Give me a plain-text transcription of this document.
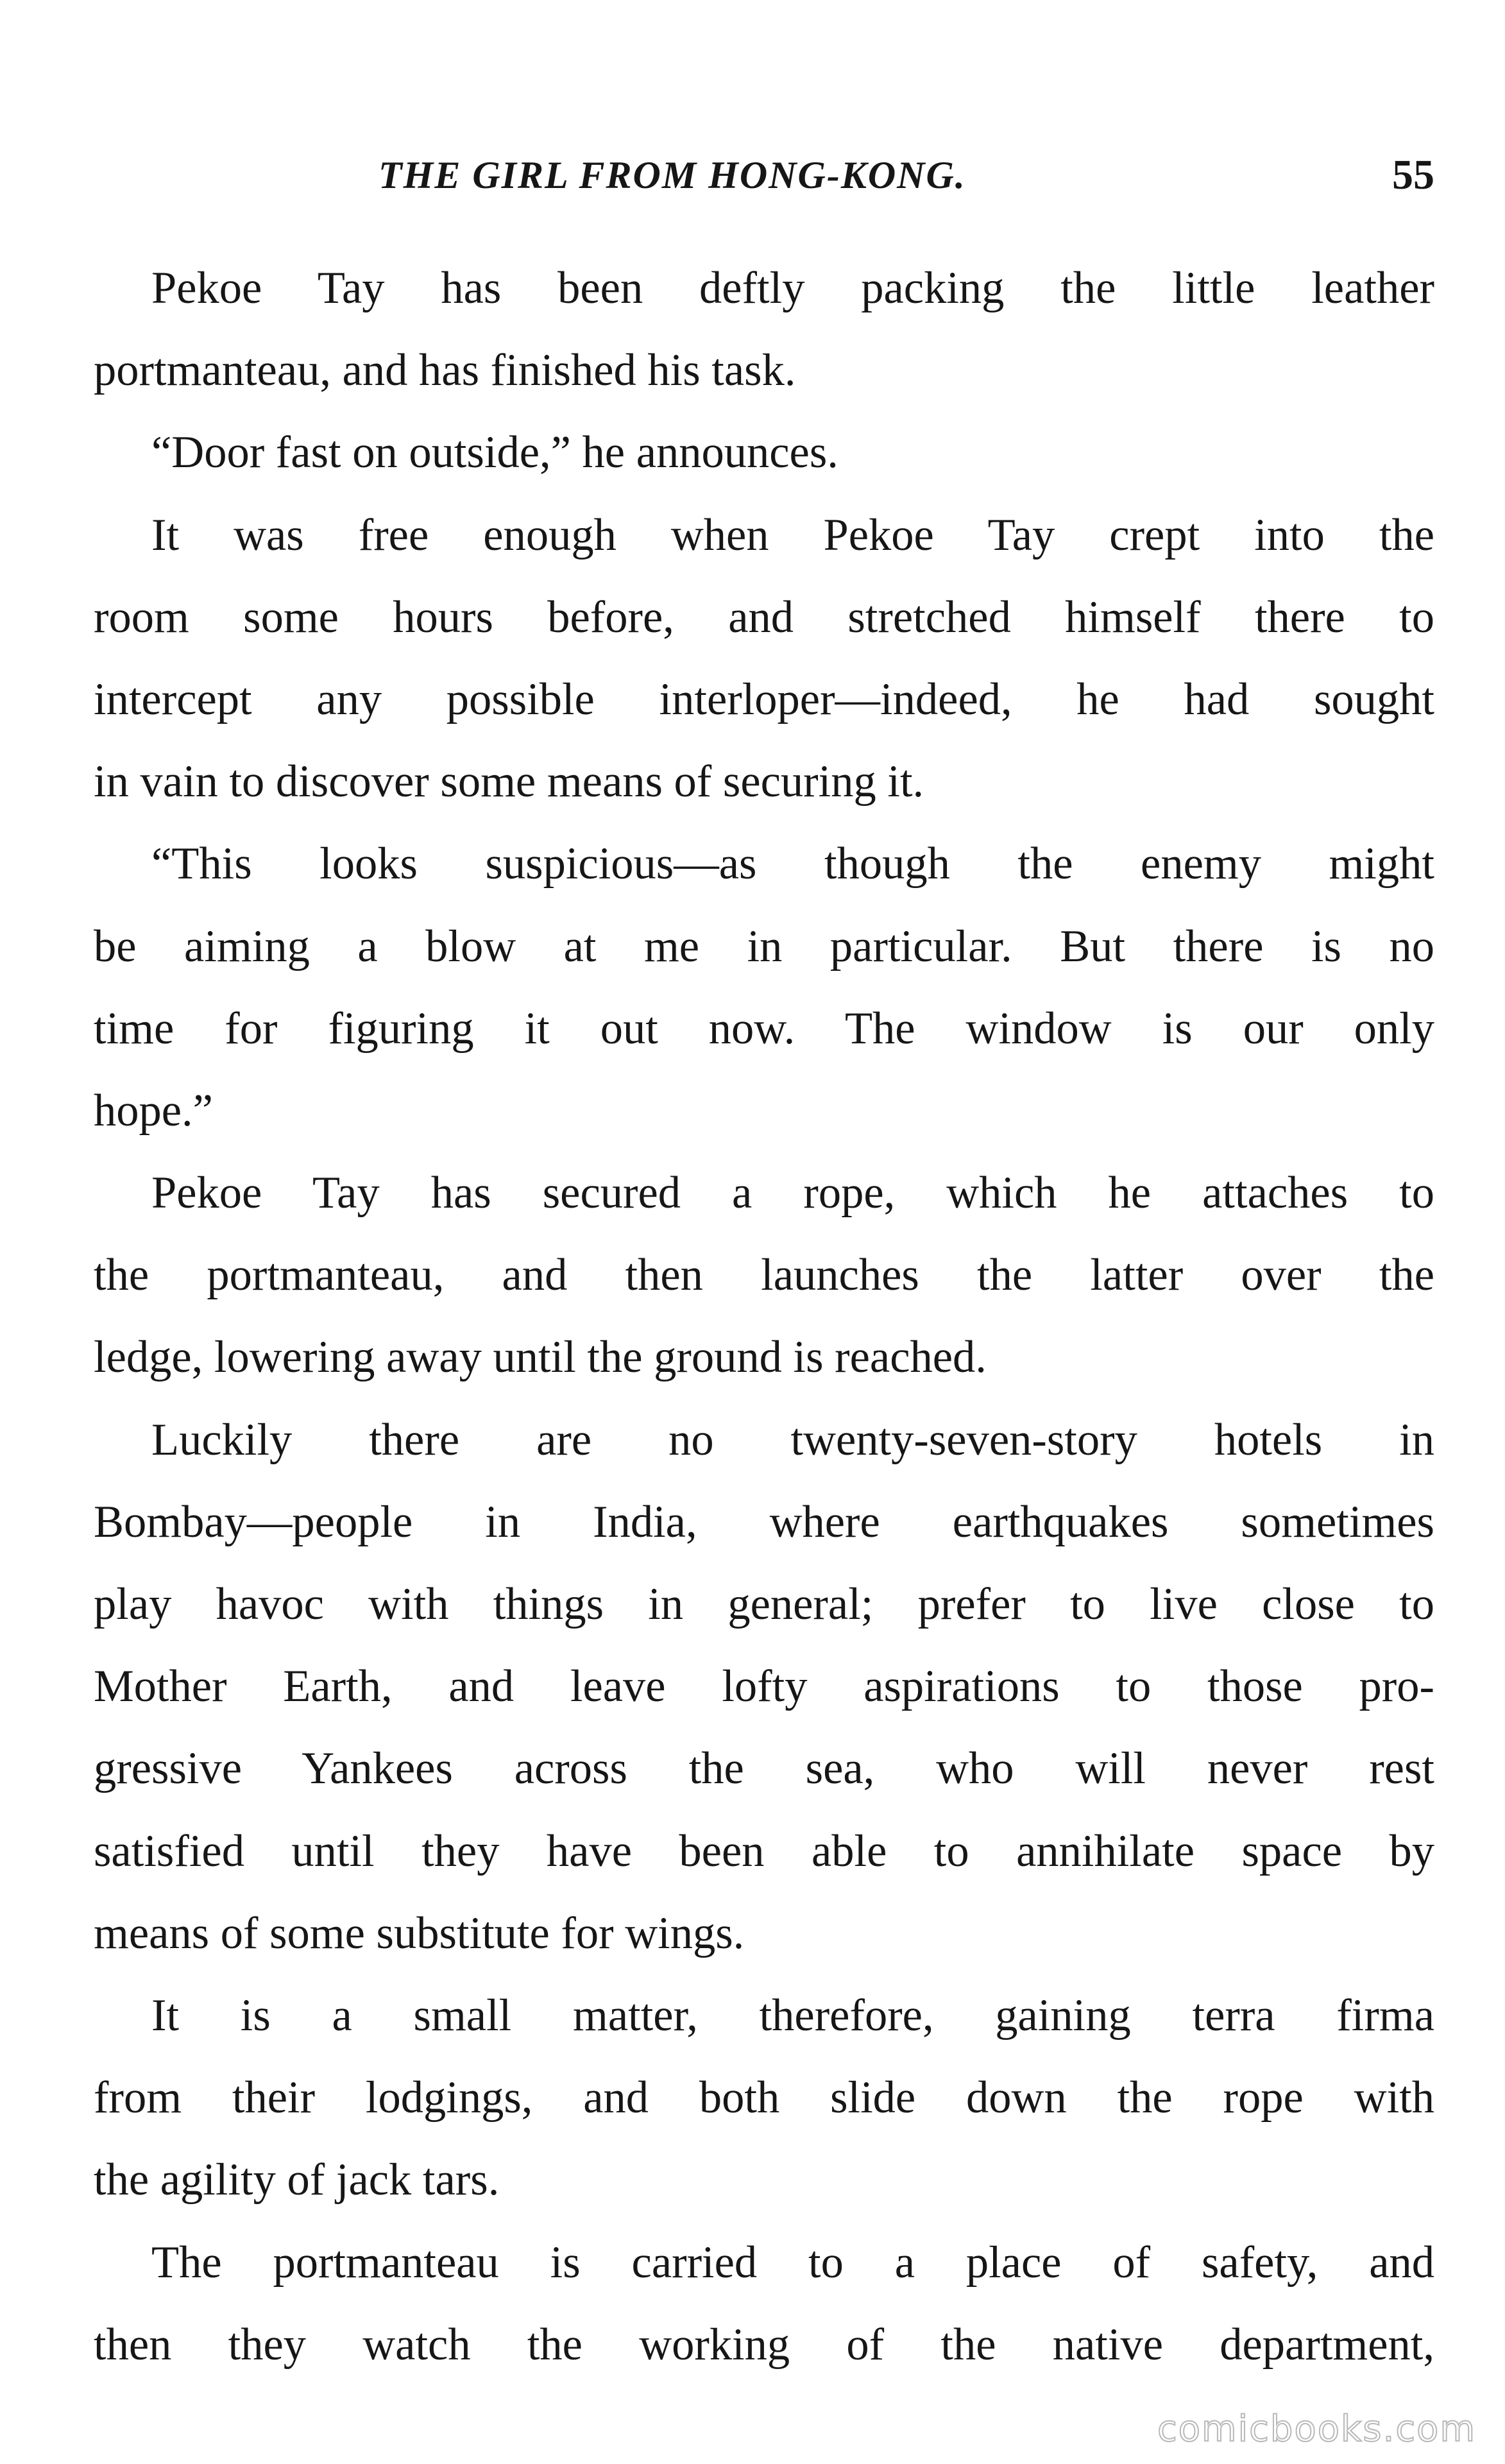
THE GIRL FROM HONG-KONG.	55
Pekoe Tay has been deftly packing the little leather
portmanteau, and has finished his task.
“Door fast on outside,” he announces.
It was free enough when Pekoe Tay crept into the
room some hours before, and stretched himself there to
intercept any possible interloper—indeed, he had sought
in vain to discover some means of securing it.
“This looks suspicious—as though the enemy might
be aiming a blow at me in particular. But there is no
time for figuring it out now. The window is our only
hope.”
Pekoe Tay has secured a rope, which he attaches to
the portmanteau, and then launches the latter over the
ledge, lowering away until the ground is reached.
Luckily there are no twenty-seven-story hotels in
Bombay—people in India, where earthquakes sometimes
play havoc with things in general; prefer to live close to
Mother Earth, and leave lofty aspirations to those pro-
gressive Yankees across the sea, who will never rest
satisfied until they have been able to annihilate space by
means of some substitute for wings.
It is a small matter, therefore, gaining terra firma
from their lodgings, and both slide down the rope with
the agility of jack tars.
The portmanteau is carried to a place of safety, and
then they watch the working of the native department,
comicbooks.com
